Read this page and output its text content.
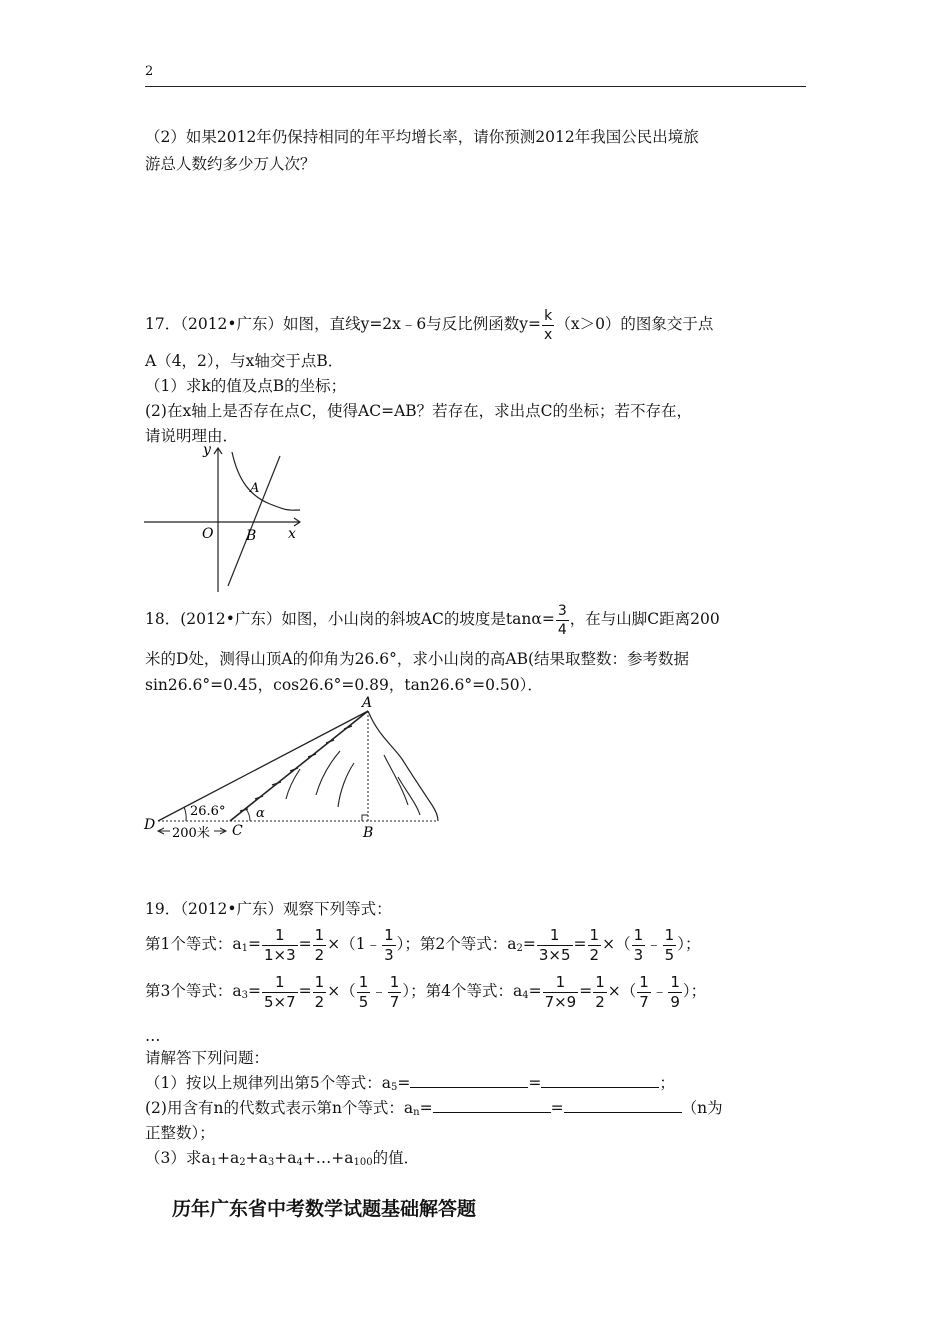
2
（2）如果2012年仍保持相同的年平均增长率，请你预测2012年我国公民出境旅
游总人数约多少万人次？
17．（2012•广东）如图，直线y=2x﹣6与反比例函数$y= \frac{k}{x} (x>0)$的图象交于点
A（4，2），与x轴交于点B．
（1）求k的值及点B的坐标；
(2)在x轴上是否存在点C，使得AC=AB？若存在，求出点C的坐标；若不存在，
请说明理由．
y
x
O
A
B
18．(2012•广东）如图，小山岗的斜坡AC的坡度是$\tan\alpha= \frac{3}{4}$ ，在与山脚C距离200
米的D处，测得山顶A的仰角为26.6°，求小山岗的高AB(结果取整数：参考数据
sin26.6°=0.45，cos26.6°=0.89，tan26.6°=0.50）．
A
B
C
D
α
26.6°
200米
19．（2012•广东）观察下列等式：
第1个等式：$a_1= \frac{1}{1\times 3} = \frac{1}{2}$ ×（1﹣ $\frac{1}{3}$ ）；第2个等式：$a_2= \frac{1}{3\times 5} = \frac{1}{2}$ ×（ $\frac{1}{3}$ ﹣ $\frac{1}{5}$ ）；
第3个等式：$a_3= \frac{1}{5\times 7} = \frac{1}{2}$ ×（ $\frac{1}{5}$ ﹣ $\frac{1}{7}$ ）；第4个等式：$a_4= \frac{1}{7\times 9} = \frac{1}{2}$ ×（ $\frac{1}{7}$ ﹣ $\frac{1}{9}$ ）；
…
请解答下列问题：
（1）按以上规律列出第5个等式：$a_5=$	=	；
(2)用含有n的代数式表示第n个等式：$a_n=$	=	（n为
正整数）；
（3）求$a_1+a_2+a_3+a_4+\dots+a_{100}$的值．
历年广东省中考数学试题基础解答题
